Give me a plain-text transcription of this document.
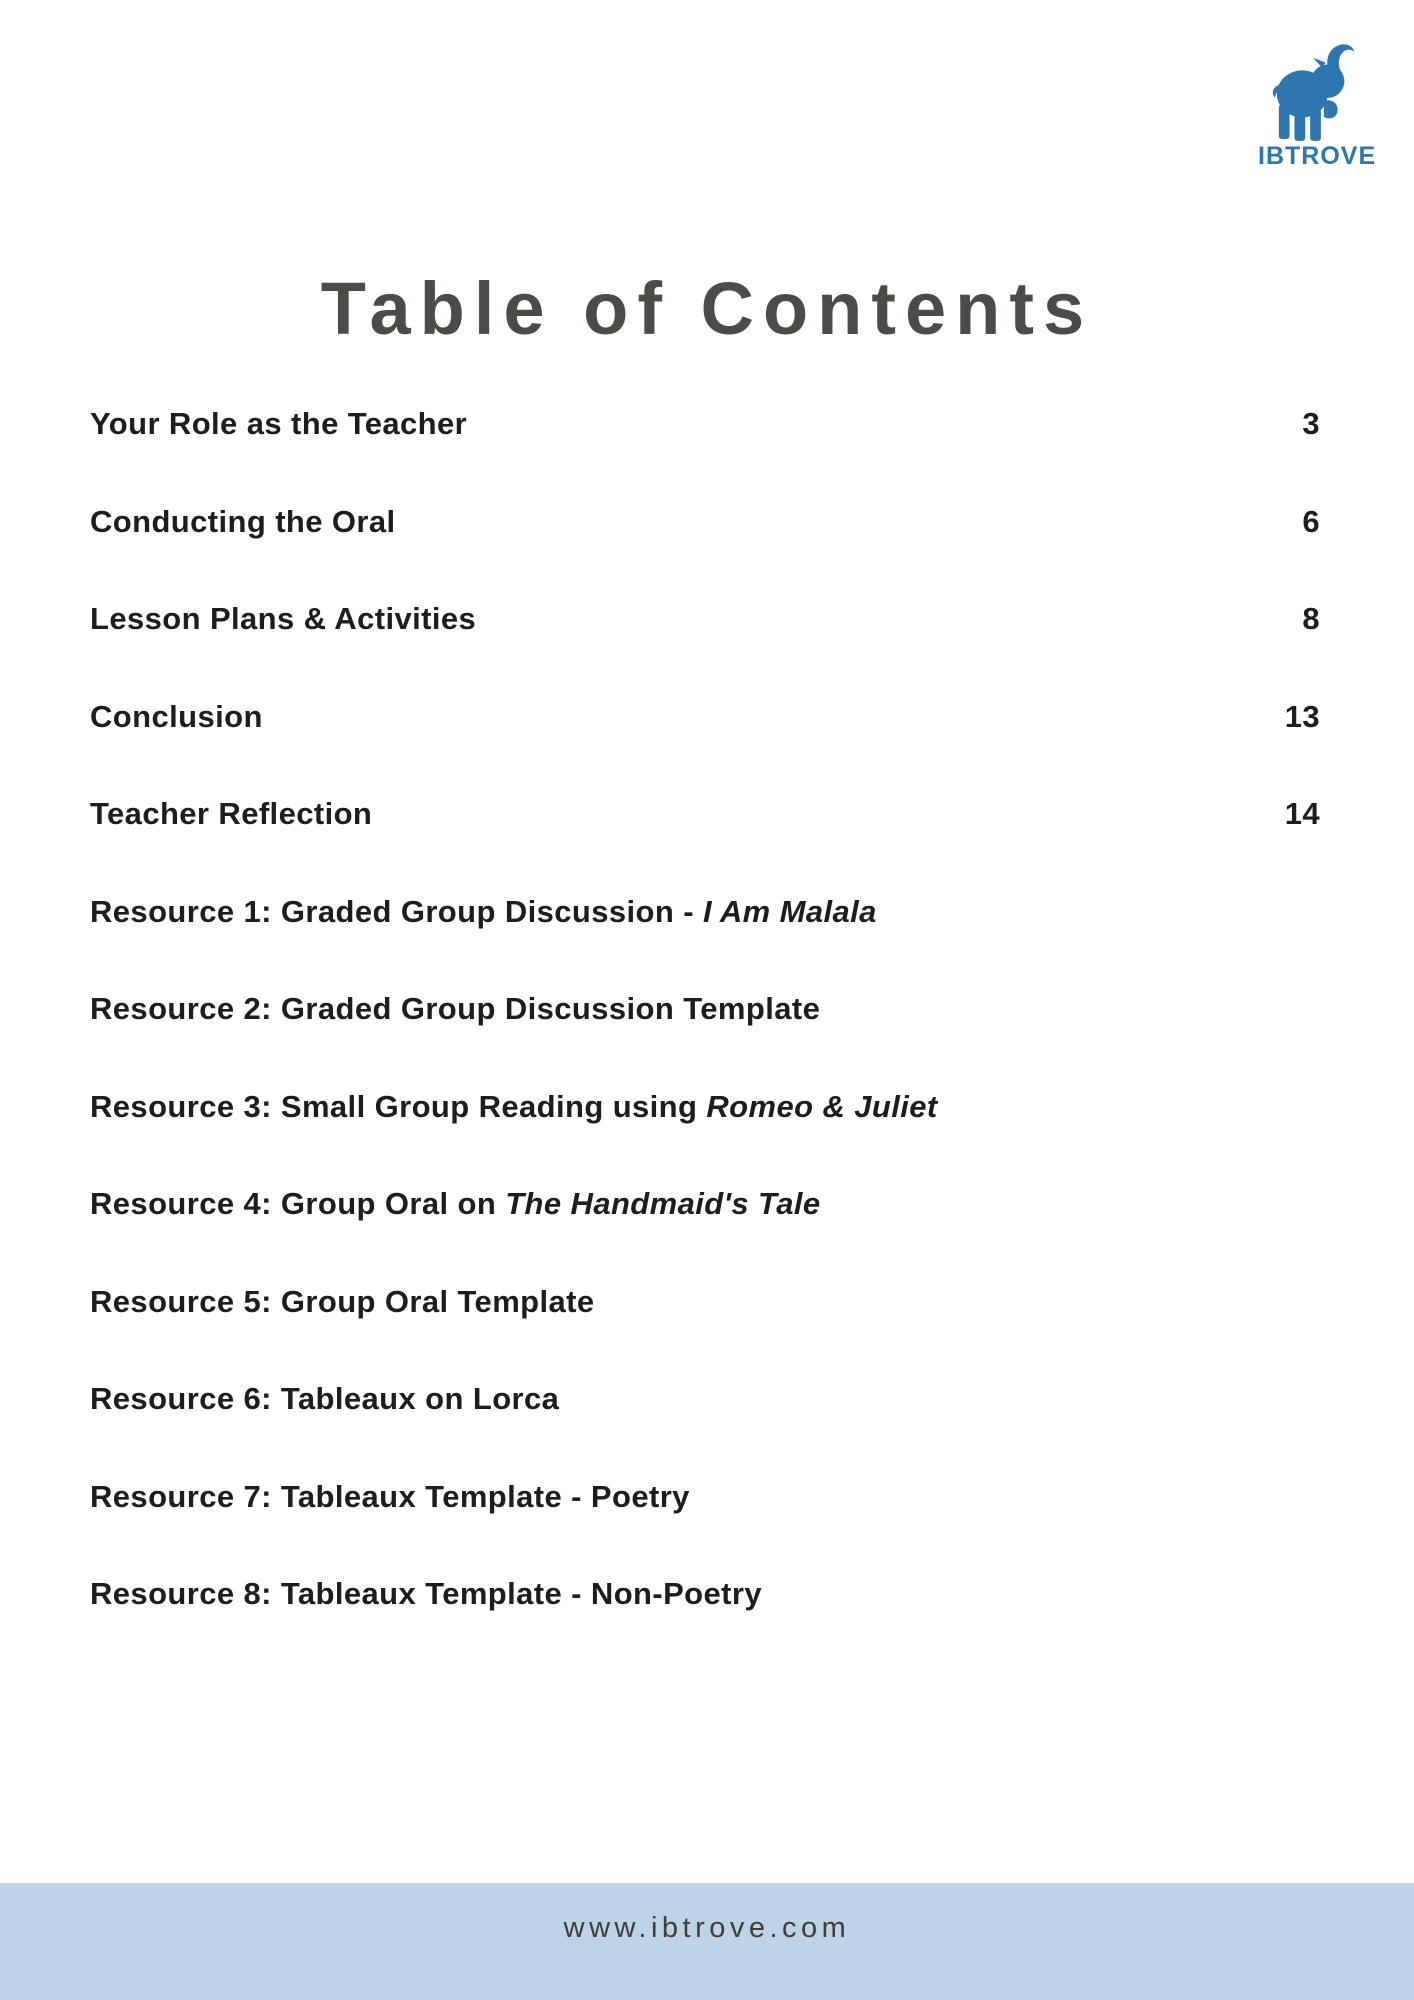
IBTROVE
Table of Contents
Your Role as the Teacher	3
Conducting the Oral	6
Lesson Plans & Activities	8
Conclusion	13
Teacher Reflection	14
Resource 1: Graded Group Discussion - I Am Malala
Resource 2: Graded Group Discussion Template
Resource 3: Small Group Reading using Romeo & Juliet
Resource 4: Group Oral on The Handmaid's Tale
Resource 5: Group Oral Template
Resource 6: Tableaux on Lorca
Resource 7: Tableaux Template - Poetry
Resource 8: Tableaux Template - Non-Poetry
www.ibtrove.com
